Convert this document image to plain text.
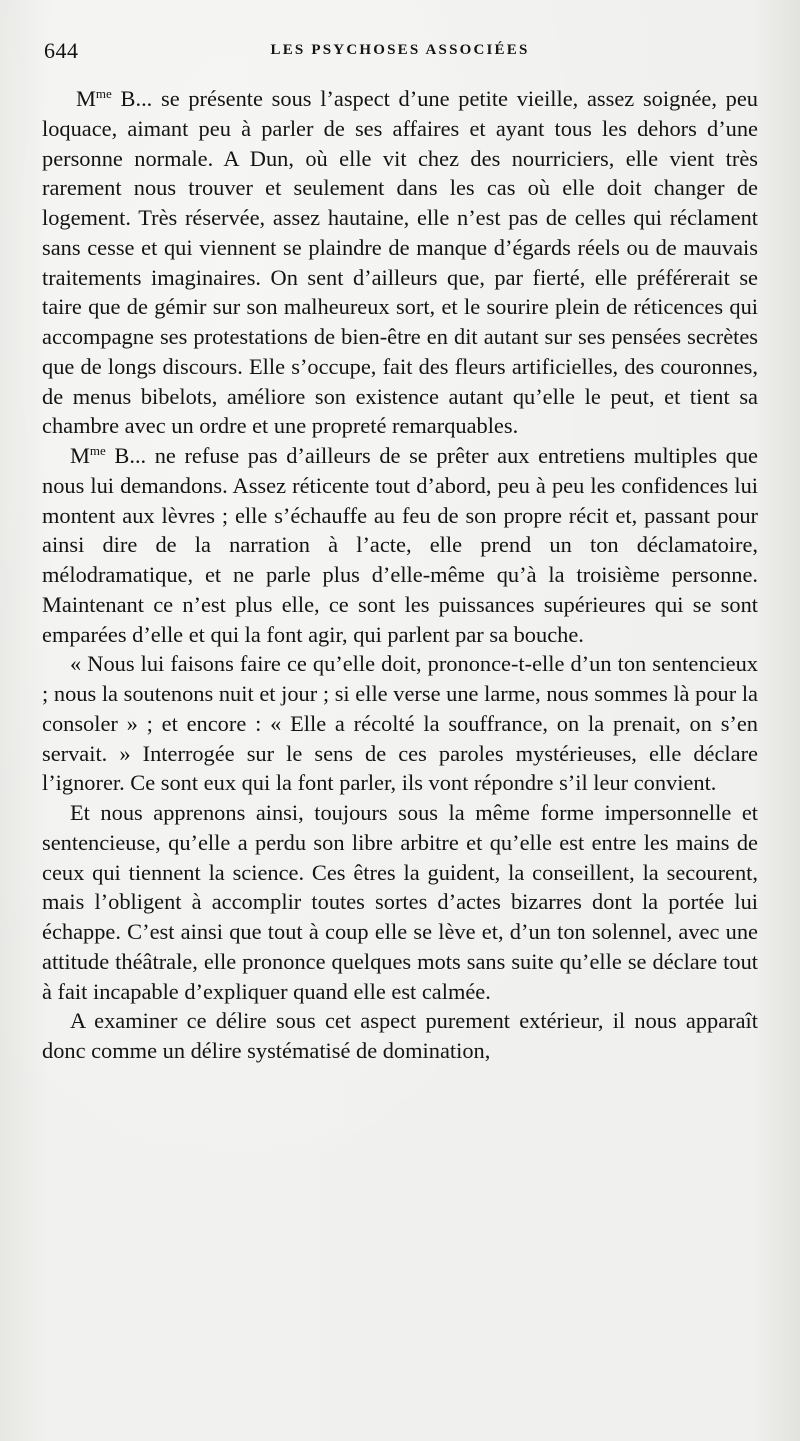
644	LES PSYCHOSES ASSOCIÉES

$M^{me}$ B... se présente sous l’aspect d’une petite vieille, assez soignée, peu loquace, aimant peu à parler de ses affaires et ayant tous les dehors d’une personne normale. A Dun, où elle vit chez des nourriciers, elle vient très rarement nous trouver et seulement dans les cas où elle doit changer de logement. Très réservée, assez hautaine, elle n’est pas de celles qui réclament sans cesse et qui viennent se plaindre de manque d’égards réels ou de mauvais traitements imaginaires. On sent d’ailleurs que, par fierté, elle préférerait se taire que de gémir sur son malheureux sort, et le sourire plein de réticences qui accompagne ses protestations de bien-être en dit autant sur ses pensées secrètes que de longs discours. Elle s’occupe, fait des fleurs artificielles, des couronnes, de menus bibelots, améliore son existence autant qu’elle le peut, et tient sa chambre avec un ordre et une propreté remarquables.

$M^{me}$ B... ne refuse pas d’ailleurs de se prêter aux entretiens multiples que nous lui demandons. Assez réticente tout d’abord, peu à peu les confidences lui montent aux lèvres ; elle s’échauffe au feu de son propre récit et, passant pour ainsi dire de la narration à l’acte, elle prend un ton déclamatoire, mélodramatique, et ne parle plus d’elle-même qu’à la troisième personne. Maintenant ce n’est plus elle, ce sont les puissances supérieures qui se sont emparées d’elle et qui la font agir, qui parlent par sa bouche.

« Nous lui faisons faire ce qu’elle doit, prononce-t-elle d’un ton sentencieux ; nous la soutenons nuit et jour ; si elle verse une larme, nous sommes là pour la consoler » ; et encore : « Elle a récolté la souffrance, on la prenait, on s’en servait. » Interrogée sur le sens de ces paroles mystérieuses, elle déclare l’ignorer. Ce sont eux qui la font parler, ils vont répondre s’il leur convient.

Et nous apprenons ainsi, toujours sous la même forme impersonnelle et sentencieuse, qu’elle a perdu son libre arbitre et qu’elle est entre les mains de ceux qui tiennent la science. Ces êtres la guident, la conseillent, la secourent, mais l’obligent à accomplir toutes sortes d’actes bizarres dont la portée lui échappe. C’est ainsi que tout à coup elle se lève et, d’un ton solennel, avec une attitude théâtrale, elle prononce quelques mots sans suite qu’elle se déclare tout à fait incapable d’expliquer quand elle est calmée.

A examiner ce délire sous cet aspect purement extérieur, il nous apparaît donc comme un délire systématisé de domination,
